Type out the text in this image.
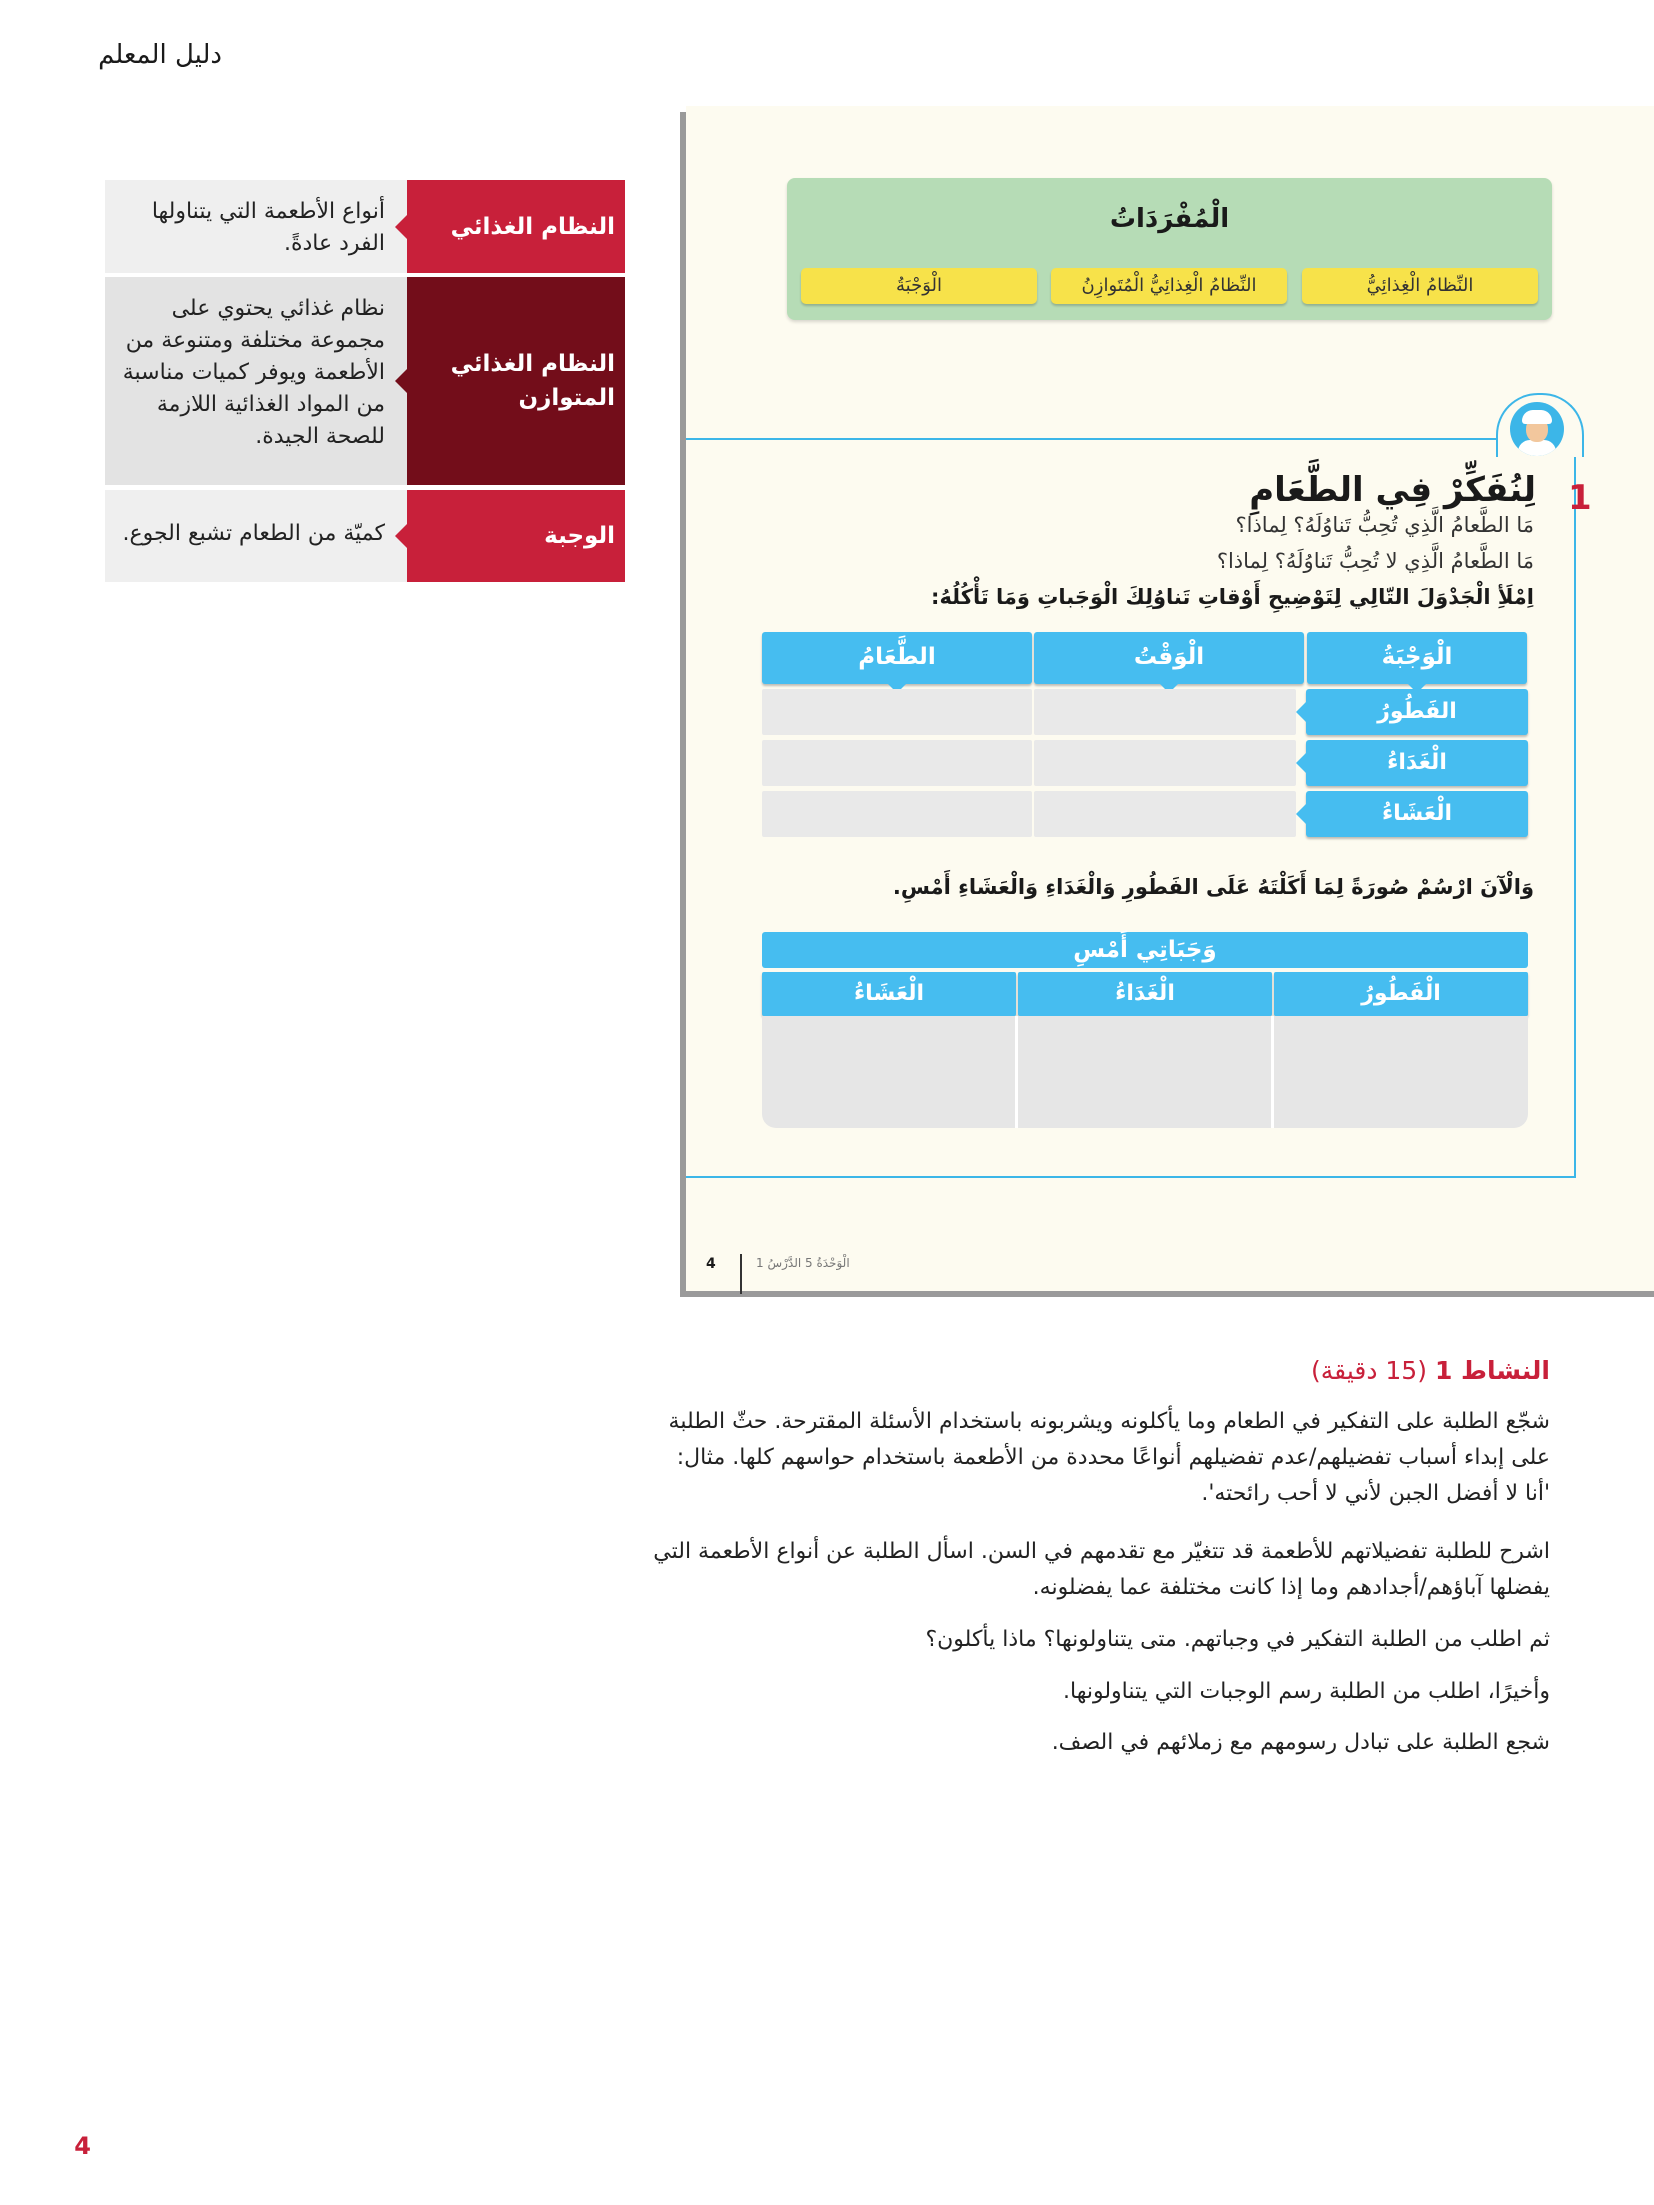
دليل المعلم
أنواع الأطعمة التي يتناولها الفرد عادةً.
النظام الغذائي
نظام غذائي يحتوي على مجموعة مختلفة ومتنوعة من الأطعمة ويوفر كميات مناسبة من المواد الغذائية اللازمة للصحة الجيدة.
النظام الغذائي المتوازن
كميّة من الطعام تشبع الجوع.	الوجبة
الْمُفْرَدَاتُ
النِّظامُ الْغِذائِيُّ
النِّظامُ الْغِذائِيُّ الْمُتَوازِنُ
الْوَجْبَةُ
1
لِنُفَكِّرْ فِي الطَّعَامِ
مَا الطَّعامُ الَّذِي تُحِبُّ تَناوُلَهُ؟ لِماذا؟
مَا الطَّعامُ الَّذِي لا تُحِبُّ تَناوُلَهُ؟ لِماذا؟
اِمْلَأِ الْجَدْوَلَ التّالِي لِتَوْضِيحِ أَوْقاتِ تَناوُلِكَ الْوَجَباتِ وَمَا تَأْكُلُهُ:
الْوَجْبَةُ
الْوَقْتُ
الطَّعَامُ
الفَطُورُ
الْغَدَاءُ
الْعَشَاءُ
وَالْآنَ ارْسُمْ صُورَةً لِمَا أَكَلْتَهُ عَلَى الفَطُورِ وَالْغَدَاءِ وَالْعَشَاءِ أَمْسِ.
وَجَبَاتِي أَمْسِ
الْفَطُورُ
الْغَدَاءُ
الْعَشَاءُ
4	الْوَحْدَةُ 5 الدَّرْسُ 1
النشاط 1 (15 دقيقة)
شجّع الطلبة على التفكير في الطعام وما يأكلونه ويشربونه باستخدام الأسئلة المقترحة. حثّ الطلبة على إبداء أسباب تفضيلهم/عدم تفضيلهم أنواعًا محددة من الأطعمة باستخدام حواسهم كلها. مثال: 'أنا لا أفضل الجبن لأني لا أحب رائحته'.
اشرح للطلبة تفضيلاتهم للأطعمة قد تتغيّر مع تقدمهم في السن. اسأل الطلبة عن أنواع الأطعمة التي يفضلها آباؤهم/أجدادهم وما إذا كانت مختلفة عما يفضلونه.
ثم اطلب من الطلبة التفكير في وجباتهم. متى يتناولونها؟ ماذا يأكلون؟
وأخيرًا، اطلب من الطلبة رسم الوجبات التي يتناولونها.
شجع الطلبة على تبادل رسومهم مع زملائهم في الصف.
4
